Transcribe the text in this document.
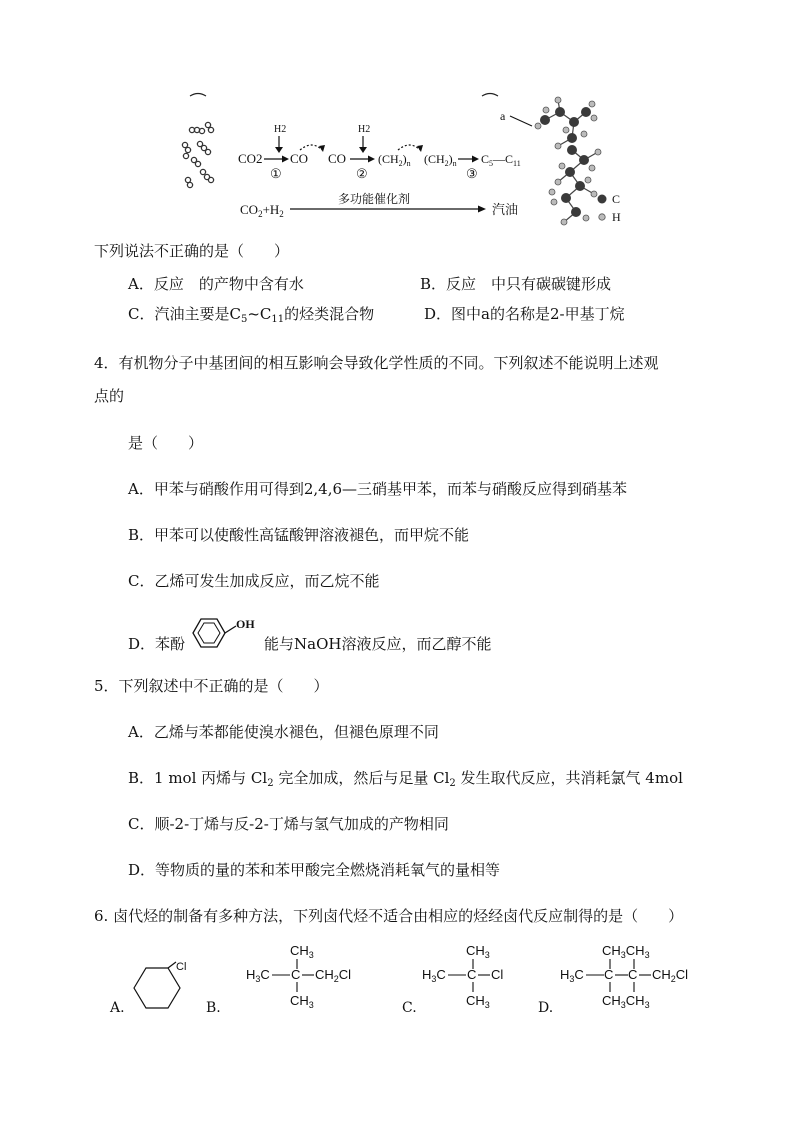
CO2
H2
CO
①
CO
H2
$(CH_2)_n$
②
$(CH_2)_n$
③
$C_5—C_{11}$
$CO_2+H_2$
多功能催化剂
汽油
a
C
H
下列说法不正确的是（　　）
A．反应　的产物中含有水	B．反应　中只有碳碳键形成
C．汽油主要是$C_5\sim C_{11}$的烃类混合物	D．图中a的名称是2-甲基丁烷
4．有机物分子中基团间的相互影响会导致化学性质的不同。下列叙述不能说明上述观
点的
是（　　）
A．甲苯与硝酸作用可得到2,4,6—三硝基甲苯，而苯与硝酸反应得到硝基苯
B．甲苯可以使酸性高锰酸钾溶液褪色，而甲烷不能
C．乙烯可发生加成反应，而乙烷不能
D．苯酚
OH
能与NaOH溶液反应，而乙醇不能
5．下列叙述中不正确的是（　　）
A．乙烯与苯都能使溴水褪色，但褪色原理不同
B．1 mol 丙烯与 $Cl_2$ 完全加成，然后与足量 $Cl_2$ 发生取代反应，共消耗氯气 4mol
C．顺-2-丁烯与反-2-丁烯与氢气加成的产物相同
D．等物质的量的苯和苯甲酸完全燃烧消耗氧气的量相等
6. 卤代烃的制备有多种方法，下列卤代烃不适合由相应的烃经卤代反应制得的是（　　）
A.
Cl
B.
$CH_3$
$H_3C$ C $CH_2Cl$
$CH_3$	C.
$CH_3$
$H_3C$ C Cl
$CH_3$	D.
$CH_3CH_3$
$H_3C$ C C $CH_2Cl$
$CH_3CH_3$
